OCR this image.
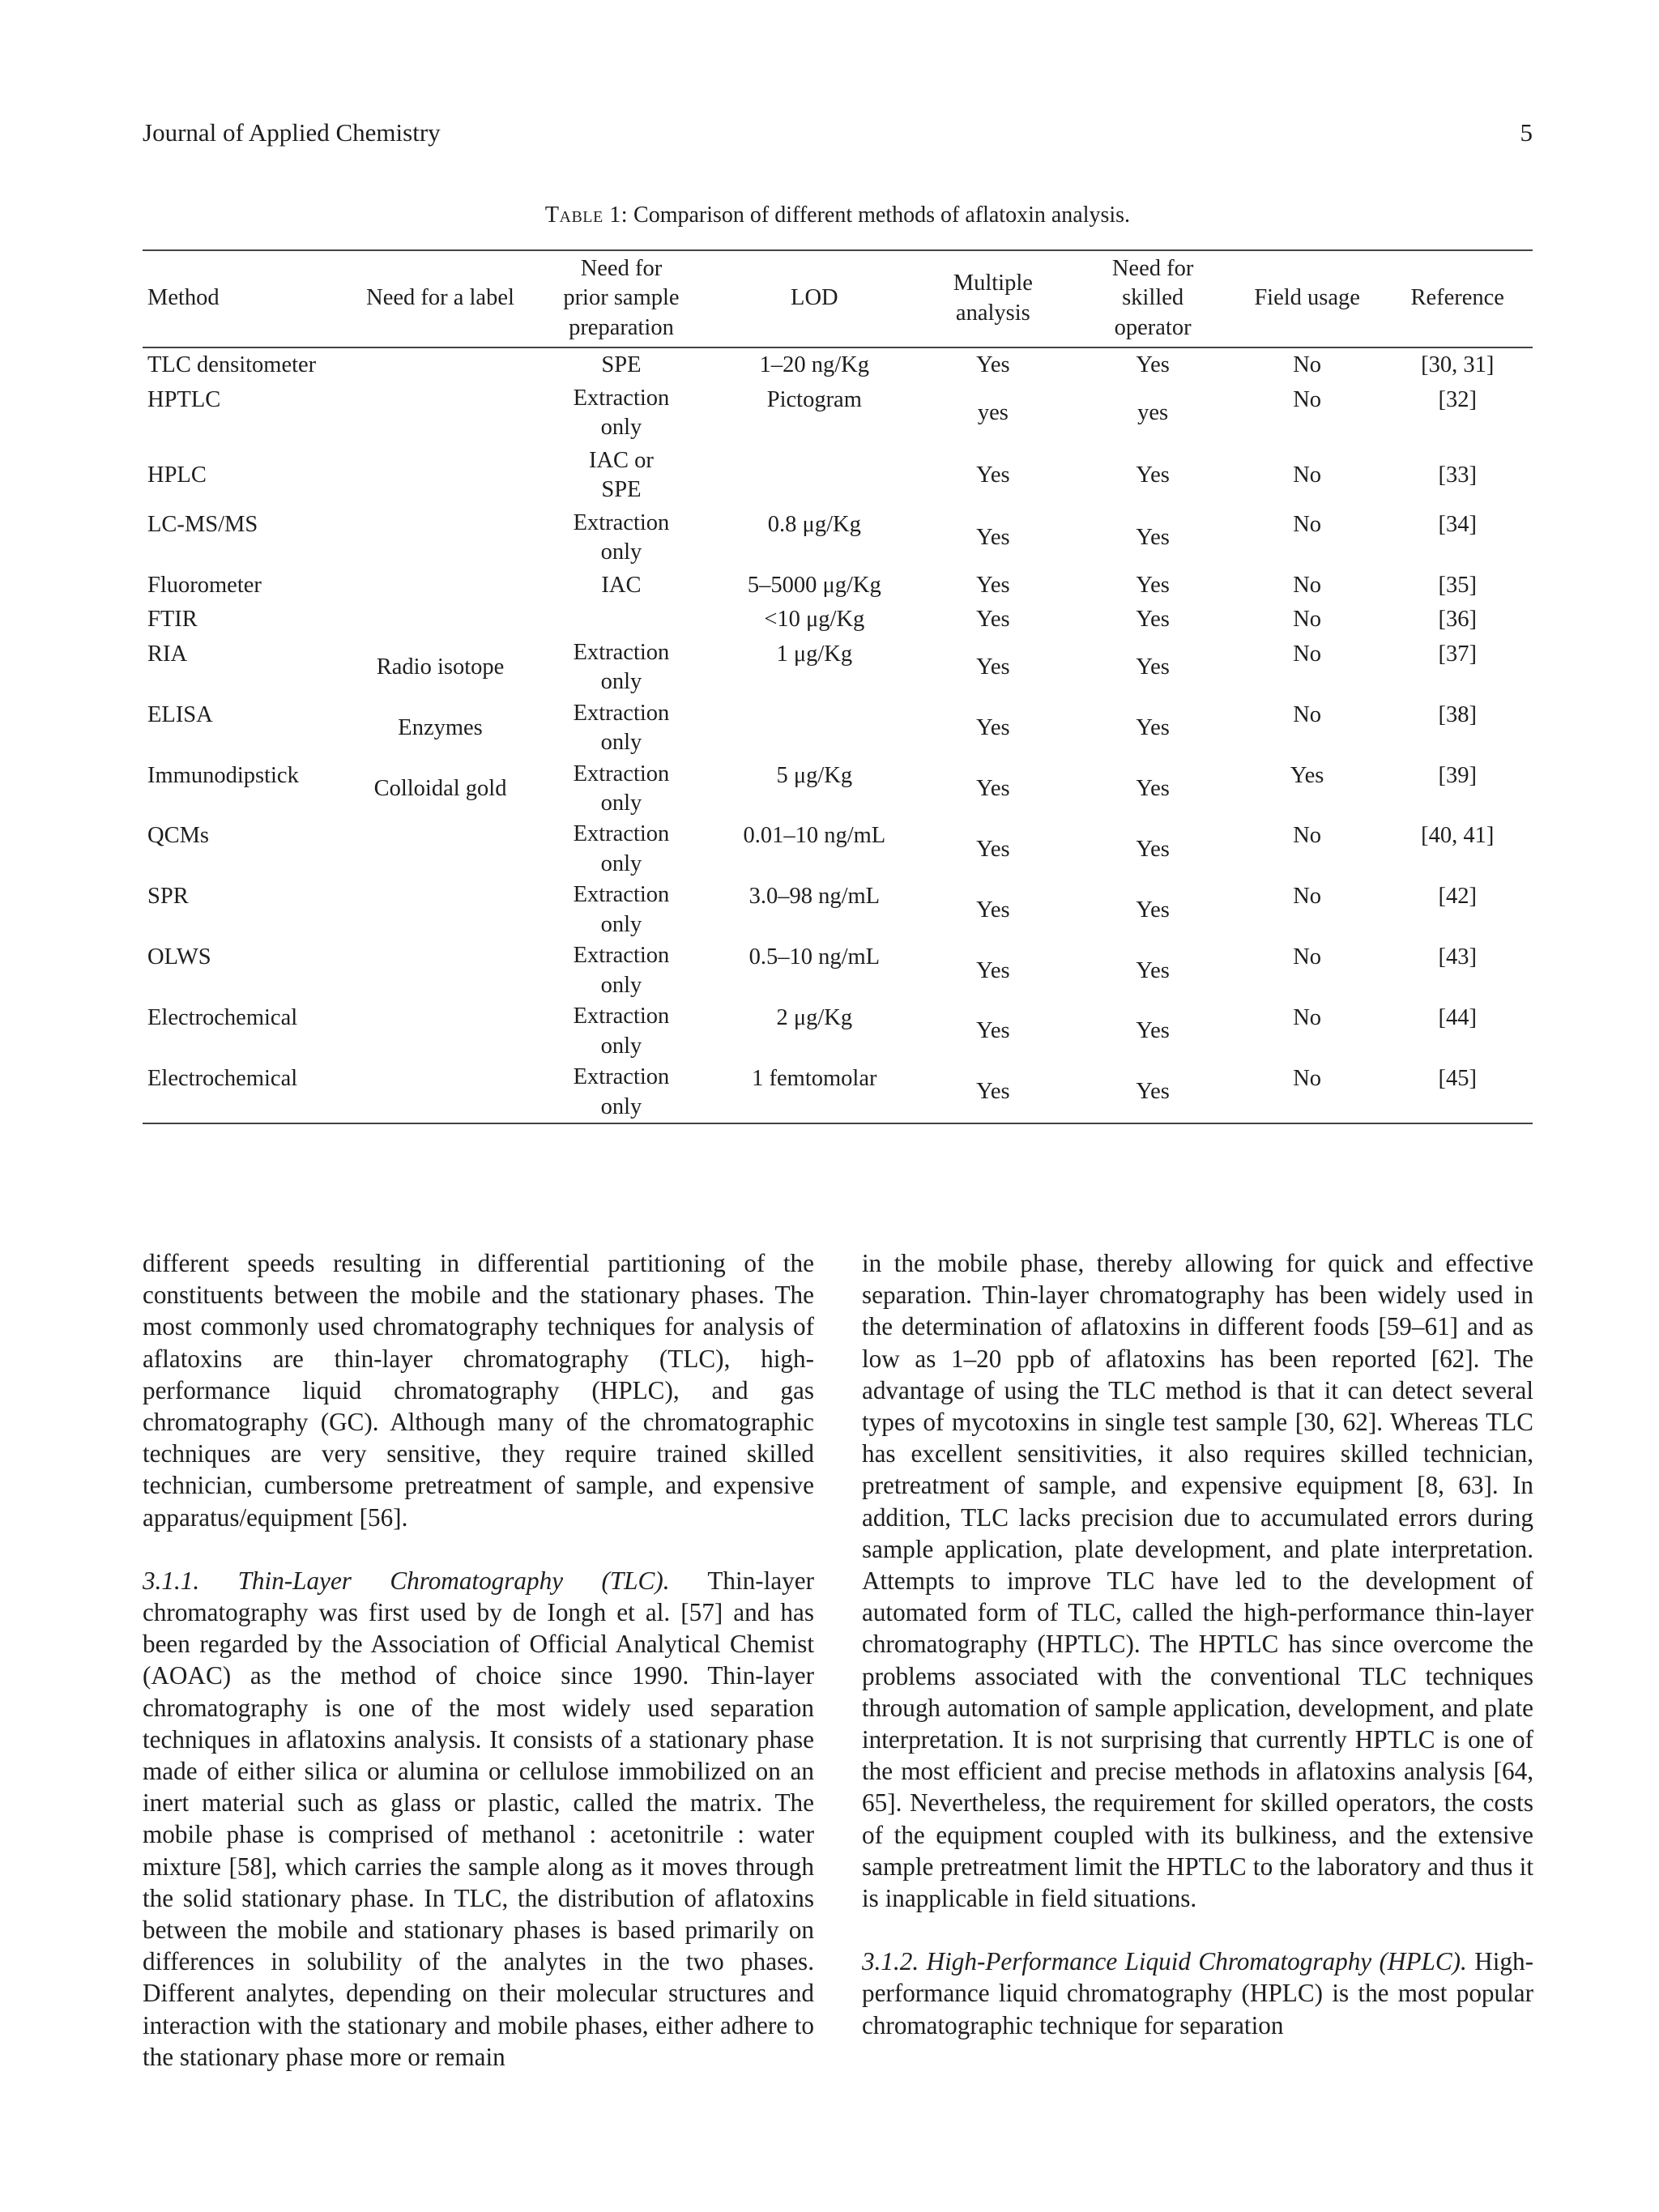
Journal of Applied Chemistry	5
Table 1: Comparison of different methods of aflatoxin analysis.
Method	Need for a label	Need for prior sample preparation	LOD	Multiple analysis	Need for skilled operator	Field usage	Reference
TLC densitometer		SPE	1–20 ng/Kg	Yes	Yes	No	[30, 31]
HPTLC		Extraction only	Pictogram	yes	yes	No	[32]
HPLC		IAC or SPE		Yes	Yes	No	[33]
LC-MS/MS		Extraction only	0.8 μg/Kg	Yes	Yes	No	[34]
Fluorometer		IAC	5–5000 μg/Kg	Yes	Yes	No	[35]
FTIR			<10 μg/Kg	Yes	Yes	No	[36]
RIA	Radio isotope	Extraction only	1 μg/Kg	Yes	Yes	No	[37]
ELISA	Enzymes	Extraction only		Yes	Yes	No	[38]
Immunodipstick	Colloidal gold	Extraction only	5 μg/Kg	Yes	Yes	Yes	[39]
QCMs		Extraction only	0.01–10 ng/mL	Yes	Yes	No	[40, 41]
SPR		Extraction only	3.0–98 ng/mL	Yes	Yes	No	[42]
OLWS		Extraction only	0.5–10 ng/mL	Yes	Yes	No	[43]
Electrochemical		Extraction only	2 μg/Kg	Yes	Yes	No	[44]
Electrochemical		Extraction only	1 femtomolar	Yes	Yes	No	[45]

different speeds resulting in differential partitioning of the constituents between the mobile and the stationary phases. The most commonly used chromatography techniques for analysis of aflatoxins are thin-layer chromatography (TLC), high-performance liquid chromatography (HPLC), and gas chromatography (GC). Although many of the chromatographic techniques are very sensitive, they require trained skilled technician, cumbersome pretreatment of sample, and expensive apparatus/equipment [56].

3.1.1. Thin-Layer Chromatography (TLC). Thin-layer chromatography was first used by de Iongh et al. [57] and has been regarded by the Association of Official Analytical Chemist (AOAC) as the method of choice since 1990. Thin-layer chromatography is one of the most widely used separation techniques in aflatoxins analysis. It consists of a stationary phase made of either silica or alumina or cellulose immobilized on an inert material such as glass or plastic, called the matrix. The mobile phase is comprised of methanol : acetonitrile : water mixture [58], which carries the sample along as it moves through the solid stationary phase. In TLC, the distribution of aflatoxins between the mobile and stationary phases is based primarily on differences in solubility of the analytes in the two phases. Different analytes, depending on their molecular structures and interaction with the stationary and mobile phases, either adhere to the stationary phase more or remain

in the mobile phase, thereby allowing for quick and effective separation. Thin-layer chromatography has been widely used in the determination of aflatoxins in different foods [59–61] and as low as 1–20 ppb of aflatoxins has been reported [62]. The advantage of using the TLC method is that it can detect several types of mycotoxins in single test sample [30, 62]. Whereas TLC has excellent sensitivities, it also requires skilled technician, pretreatment of sample, and expensive equipment [8, 63]. In addition, TLC lacks precision due to accumulated errors during sample application, plate development, and plate interpretation. Attempts to improve TLC have led to the development of automated form of TLC, called the high-performance thin-layer chromatography (HPTLC). The HPTLC has since overcome the problems associated with the conventional TLC techniques through automation of sample application, development, and plate interpretation. It is not surprising that currently HPTLC is one of the most efficient and precise methods in aflatoxins analysis [64, 65]. Nevertheless, the requirement for skilled operators, the costs of the equipment coupled with its bulkiness, and the extensive sample pretreatment limit the HPTLC to the laboratory and thus it is inapplicable in field situations.

3.1.2. High-Performance Liquid Chromatography (HPLC). High-performance liquid chromatography (HPLC) is the most popular chromatographic technique for separation
